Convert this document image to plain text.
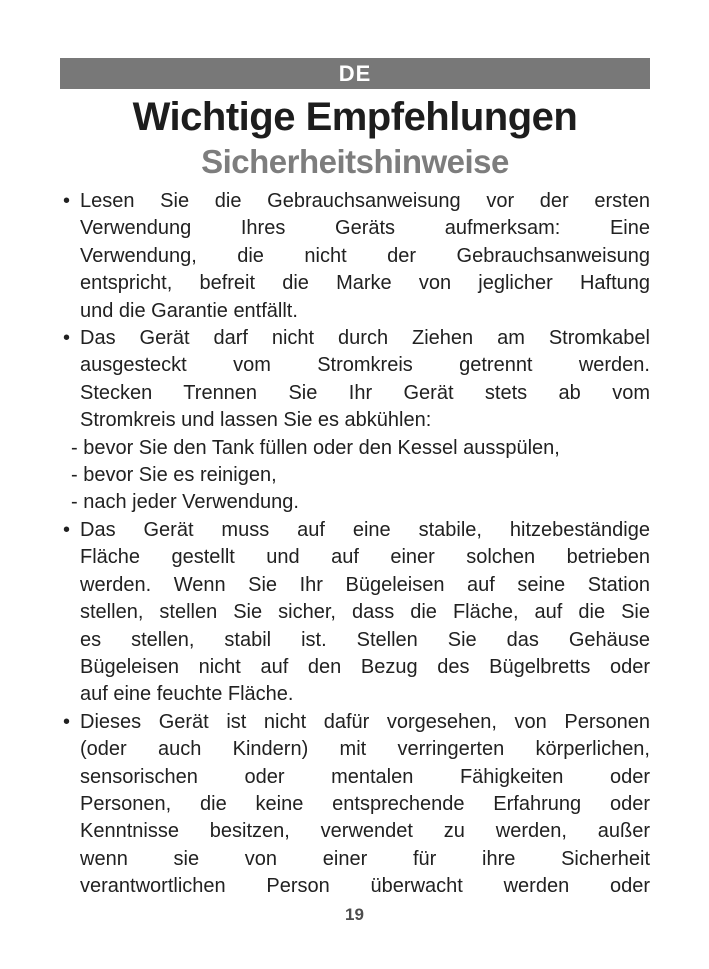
DE
Wichtige Empfehlungen
Sicherheitshinweise
• Lesen Sie die Gebrauchsanweisung vor der ersten
Verwendung Ihres Geräts aufmerksam: Eine
Verwendung, die nicht der Gebrauchsanweisung
entspricht, befreit die Marke von jeglicher Haftung
und die Garantie entfällt.
• Das Gerät darf nicht durch Ziehen am Stromkabel
ausgesteckt vom Stromkreis getrennt werden.
Stecken Trennen Sie Ihr Gerät stets ab vom
Stromkreis und lassen Sie es abkühlen:
- bevor Sie den Tank füllen oder den Kessel ausspülen,
- bevor Sie es reinigen,
- nach jeder Verwendung.
• Das Gerät muss auf eine stabile, hitzebeständige
Fläche gestellt und auf einer solchen betrieben
werden. Wenn Sie Ihr Bügeleisen auf seine Station
stellen, stellen Sie sicher, dass die Fläche, auf die Sie
es stellen, stabil ist. Stellen Sie das Gehäuse
Bügeleisen nicht auf den Bezug des Bügelbretts oder
auf eine feuchte Fläche.
• Dieses Gerät ist nicht dafür vorgesehen, von Personen
(oder auch Kindern) mit verringerten körperlichen,
sensorischen oder mentalen Fähigkeiten oder
Personen, die keine entsprechende Erfahrung oder
Kenntnisse besitzen, verwendet zu werden, außer
wenn sie von einer für ihre Sicherheit
verantwortlichen Person überwacht werden oder
19
